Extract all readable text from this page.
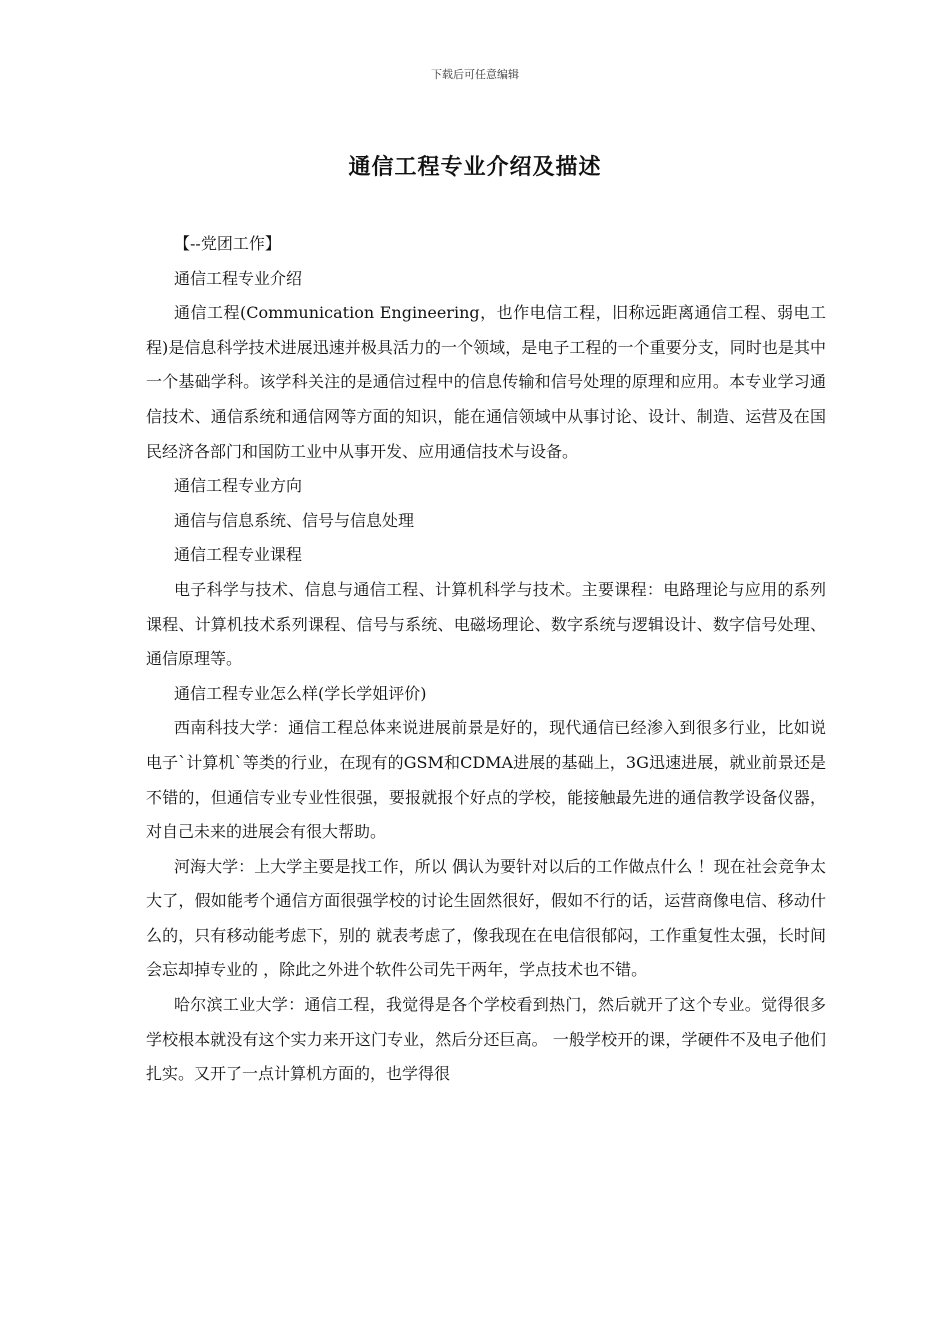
下载后可任意编辑
通信工程专业介绍及描述

【--党团工作】

通信工程专业介绍

通信工程(Communication Engineering，也作电信工程，旧称远距离通信工程、弱电工程)是信息科学技术进展迅速并极具活力的一个领域，是电子工程的一个重要分支，同时也是其中一个基础学科。该学科关注的是通信过程中的信息传输和信号处理的原理和应用。本专业学习通信技术、通信系统和通信网等方面的知识，能在通信领域中从事讨论、设计、制造、运营及在国民经济各部门和国防工业中从事开发、应用通信技术与设备。

通信工程专业方向

通信与信息系统、信号与信息处理

通信工程专业课程

电子科学与技术、信息与通信工程、计算机科学与技术。主要课程：电路理论与应用的系列课程、计算机技术系列课程、信号与系统、电磁场理论、数字系统与逻辑设计、数字信号处理、通信原理等。

通信工程专业怎么样(学长学姐评价)

西南科技大学：通信工程总体来说进展前景是好的，现代通信已经渗入到很多行业，比如说电子`计算机`等类的行业，在现有的GSM和CDMA进展的基础上，3G迅速进展，就业前景还是不错的，但通信专业专业性很强，要报就报个好点的学校，能接触最先进的通信教学设备仪器，对自己未来的进展会有很大帮助。

河海大学：上大学主要是找工作，所以 偶认为要针对以后的工作做点什么 ！现在社会竞争太大了，假如能考个通信方面很强学校的讨论生固然很好，假如不行的话，运营商像电信、移动什么的，只有移动能考虑下，别的 就表考虑了，像我现在在电信很郁闷，工作重复性太强，长时间会忘却掉专业的 ，除此之外进个软件公司先干两年，学点技术也不错。

哈尔滨工业大学：通信工程，我觉得是各个学校看到热门，然后就开了这个专业。觉得很多学校根本就没有这个实力来开这门专业，然后分还巨高。 一般学校开的课，学硬件不及电子他们扎实。又开了一点计算机方面的，也学得很
